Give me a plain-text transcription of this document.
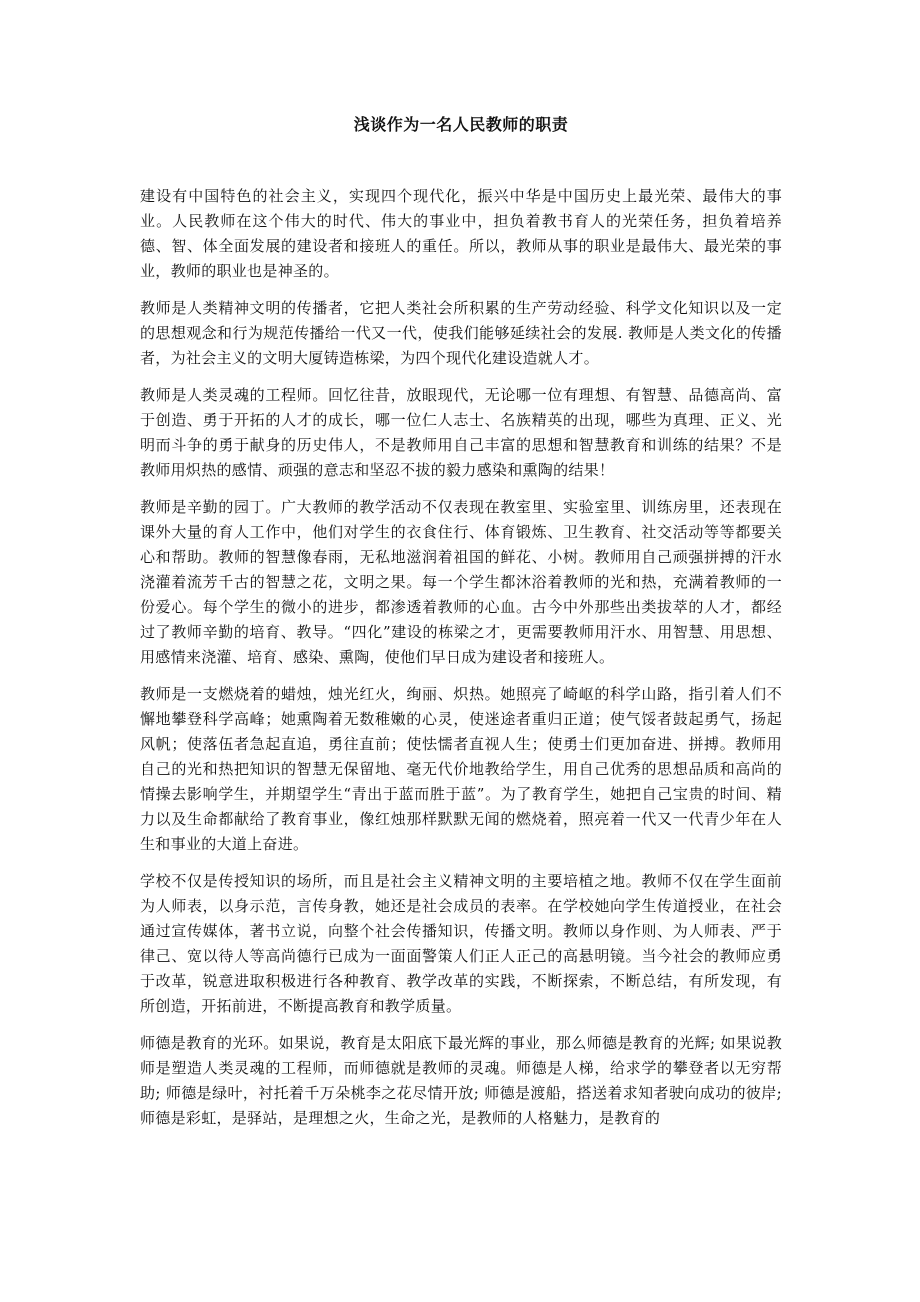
浅谈作为一名人民教师的职责

建设有中国特色的社会主义，实现四个现代化，振兴中华是中国历史上最光荣、最伟大的事业。人民教师在这个伟大的时代、伟大的事业中，担负着教书育人的光荣任务，担负着培养德、智、体全面发展的建设者和接班人的重任。所以，教师从事的职业是最伟大、最光荣的事业，教师的职业也是神圣的。

教师是人类精神文明的传播者，它把人类社会所积累的生产劳动经验、科学文化知识以及一定的思想观念和行为规范传播给一代又一代，使我们能够延续社会的发展. 教师是人类文化的传播者，为社会主义的文明大厦铸造栋梁，为四个现代化建设造就人才。

教师是人类灵魂的工程师。回忆往昔，放眼现代，无论哪一位有理想、有智慧、品德高尚、富于创造、勇于开拓的人才的成长，哪一位仁人志士、名族精英的出现，哪些为真理、正义、光明而斗争的勇于献身的历史伟人，不是教师用自己丰富的思想和智慧教育和训练的结果？不是教师用炽热的感情、顽强的意志和坚忍不拔的毅力感染和熏陶的结果！

教师是辛勤的园丁。广大教师的教学活动不仅表现在教室里、实验室里、训练房里，还表现在课外大量的育人工作中，他们对学生的衣食住行、体育锻炼、卫生教育、社交活动等等都要关心和帮助。教师的智慧像春雨，无私地滋润着祖国的鲜花、小树。教师用自己顽强拼搏的汗水浇灌着流芳千古的智慧之花，文明之果。每一个学生都沐浴着教师的光和热，充满着教师的一份爱心。每个学生的微小的进步，都渗透着教师的心血。古今中外那些出类拔萃的人才，都经过了教师辛勤的培育、教导。“四化”建设的栋梁之才，更需要教师用汗水、用智慧、用思想、用感情来浇灌、培育、感染、熏陶，使他们早日成为建设者和接班人。

教师是一支燃烧着的蜡烛，烛光红火，绚丽、炽热。她照亮了崎岖的科学山路，指引着人们不懈地攀登科学高峰；她熏陶着无数稚嫩的心灵，使迷途者重归正道；使气馁者鼓起勇气，扬起风帆；使落伍者急起直追，勇往直前；使怯懦者直视人生；使勇士们更加奋进、拼搏。教师用自己的光和热把知识的智慧无保留地、毫无代价地教给学生，用自己优秀的思想品质和高尚的情操去影响学生，并期望学生“青出于蓝而胜于蓝”。为了教育学生，她把自己宝贵的时间、精力以及生命都献给了教育事业，像红烛那样默默无闻的燃烧着，照亮着一代又一代青少年在人生和事业的大道上奋进。

学校不仅是传授知识的场所，而且是社会主义精神文明的主要培植之地。教师不仅在学生面前为人师表，以身示范，言传身教，她还是社会成员的表率。在学校她向学生传道授业，在社会通过宣传媒体，著书立说，向整个社会传播知识，传播文明。教师以身作则、为人师表、严于律己、宽以待人等高尚德行已成为一面面警策人们正人正己的高悬明镜。当今社会的教师应勇于改革，锐意进取积极进行各种教育、教学改革的实践，不断探索，不断总结，有所发现，有所创造，开拓前进，不断提高教育和教学质量。

师德是教育的光环。如果说，教育是太阳底下最光辉的事业，那么师德是教育的光辉; 如果说教师是塑造人类灵魂的工程师，而师德就是教师的灵魂。师德是人梯，给求学的攀登者以无穷帮助; 师德是绿叶，衬托着千万朵桃李之花尽情开放; 师德是渡船，搭送着求知者驶向成功的彼岸; 师德是彩虹，是驿站，是理想之火，生命之光，是教师的人格魅力，是教育的
